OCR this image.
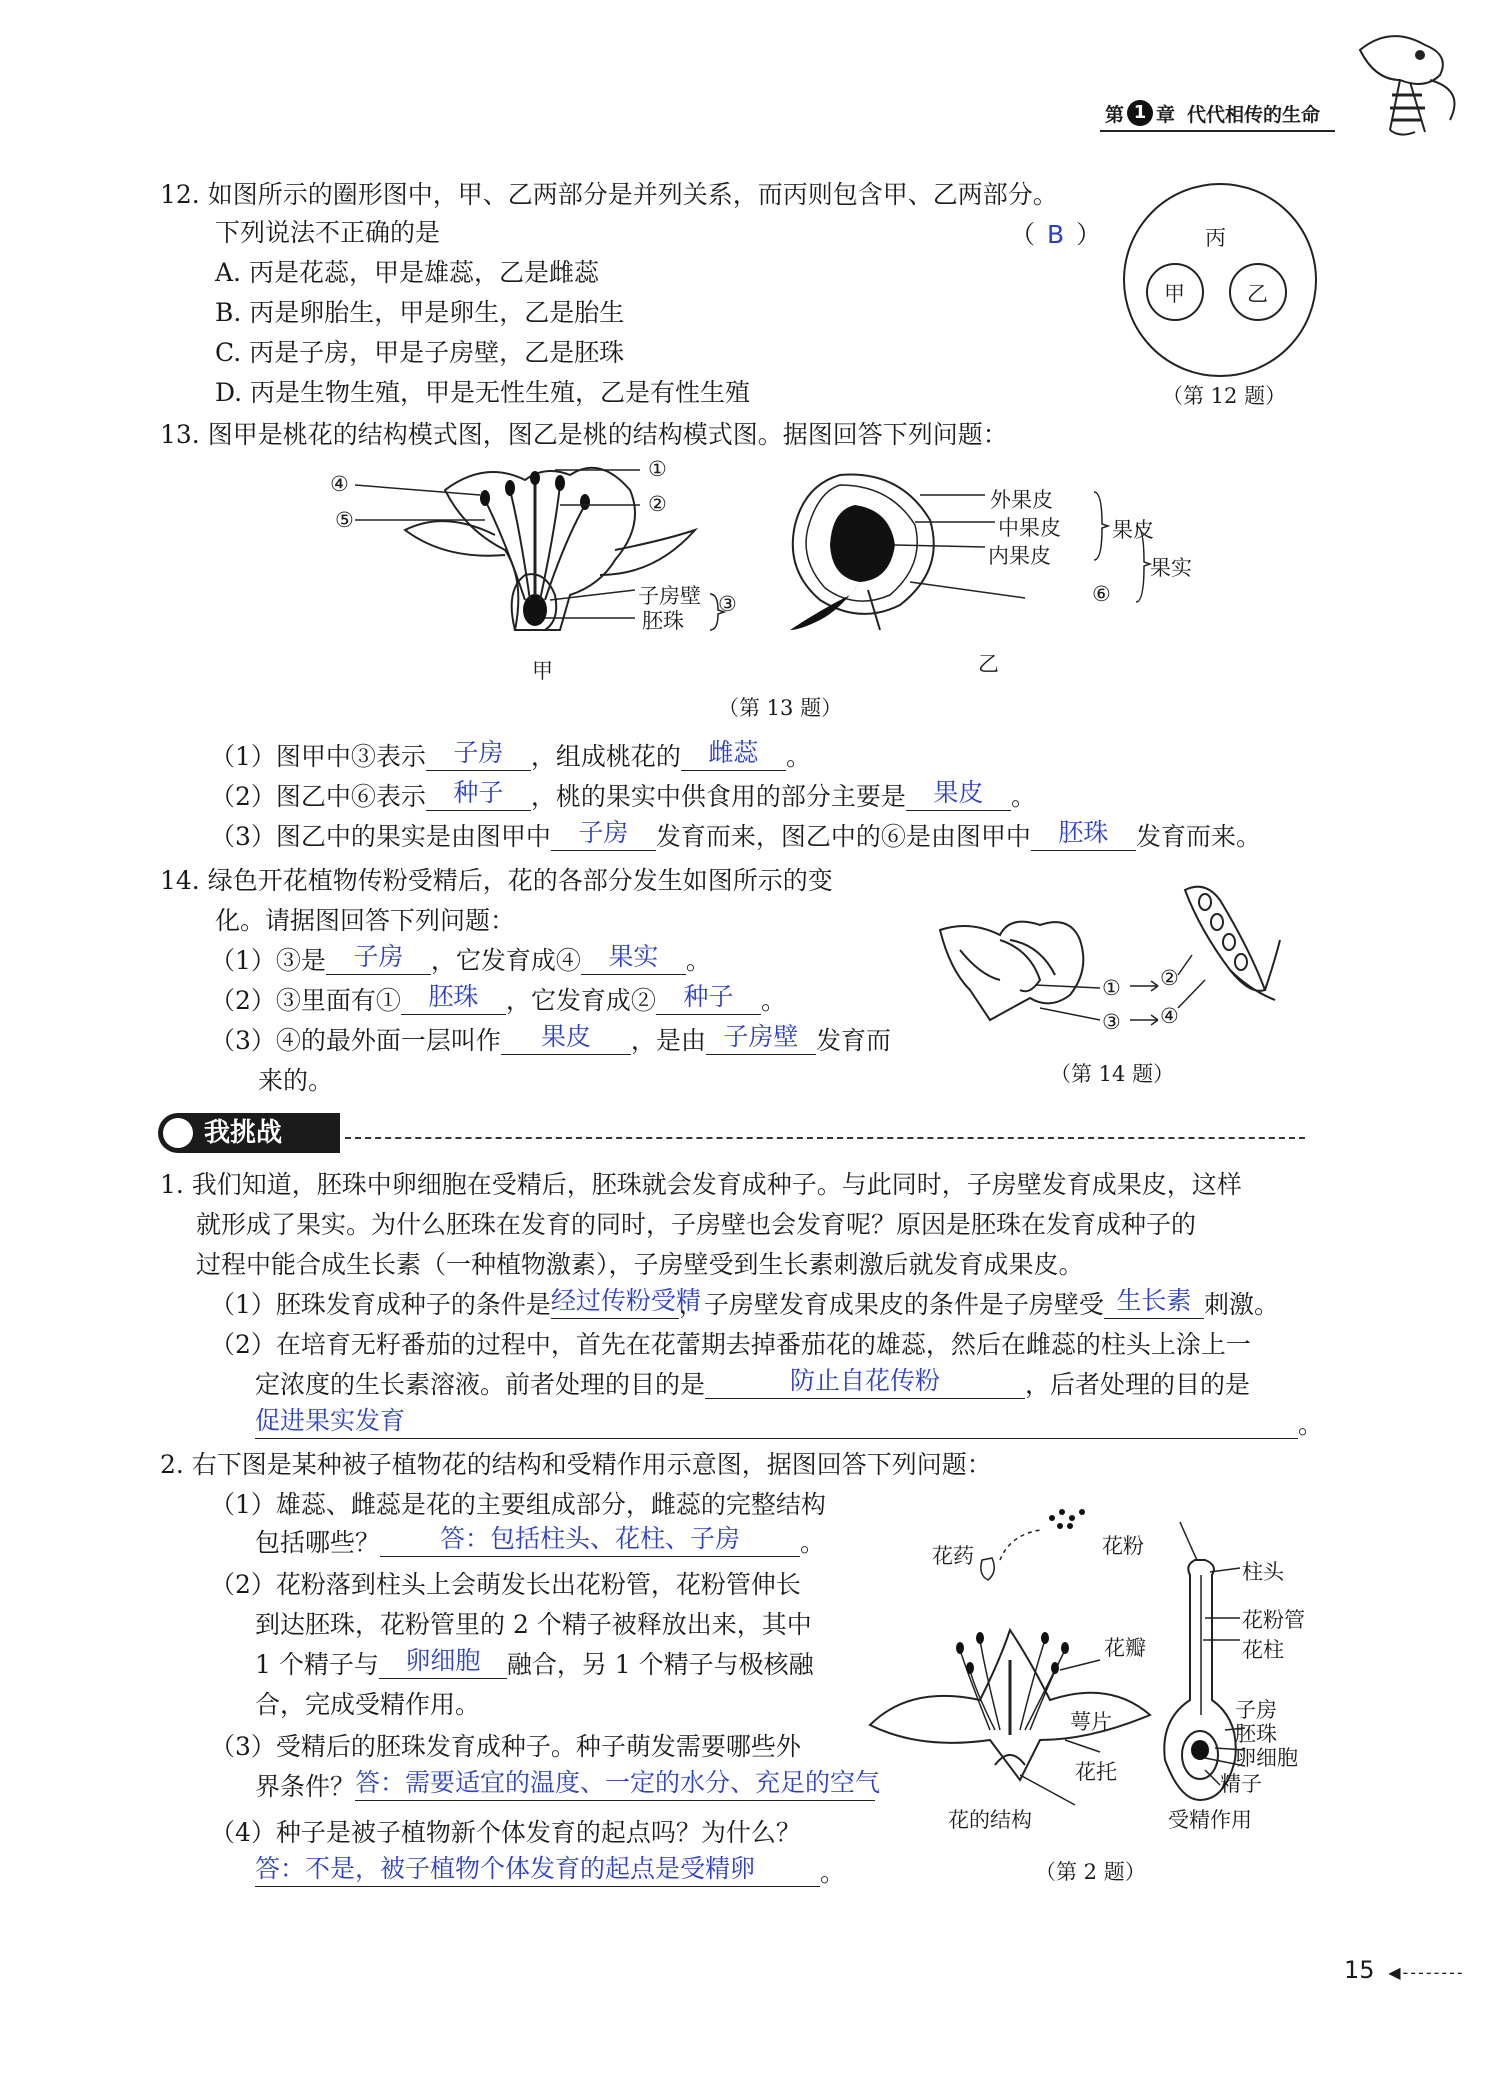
第 1 章 代代相传的生命
12. 如图所示的圈形图中，甲、乙两部分是并列关系，而丙则包含甲、乙两部分。
下列说法不正确的是	（ B ）
A. 丙是花蕊，甲是雄蕊，乙是雌蕊
B. 丙是卵胎生，甲是卵生，乙是胎生
C. 丙是子房，甲是子房壁，乙是胚珠
D. 丙是生物生殖，甲是无性生殖，乙是有性生殖
丙
甲	乙
（第 12 题）
13. 图甲是桃花的结构模式图，图乙是桃的结构模式图。据图回答下列问题：
④
⑤
①
②
子房壁
胚珠
③
甲
外果皮
中果皮
内果皮
果皮
⑥
果实
乙
（第 13 题）
（1）图甲中③表示 子房 ，组成桃花的 雌蕊 。
（2）图乙中⑥表示 种子 ，桃的果实中供食用的部分主要是 果皮 。
（3）图乙中的果实是由图甲中 子房 发育而来，图乙中的⑥是由图甲中 胚珠 发育而来。
14. 绿色开花植物传粉受精后，花的各部分发生如图所示的变
化。请据图回答下列问题：
（1）③是 子房 ，它发育成④ 果实 。
（2）③里面有① 胚珠 ，它发育成② 种子 。
（3）④的最外面一层叫作 果皮 ，是由 子房壁 发育而
来的。
① ②
③ ④
（第 14 题）
我挑战
1. 我们知道，胚珠中卵细胞在受精后，胚珠就会发育成种子。与此同时，子房壁发育成果皮，这样
就形成了果实。为什么胚珠在发育的同时，子房壁也会发育呢？原因是胚珠在发育成种子的
过程中能合成生长素（一种植物激素），子房壁受到生长素刺激后就发育成果皮。
（1）胚珠发育成种子的条件是经过传粉受精，子房壁发育成果皮的条件是子房壁受 生长素 刺激。
（2）在培育无籽番茄的过程中，首先在花蕾期去掉番茄花的雄蕊，然后在雌蕊的柱头上涂上一
定浓度的生长素溶液。前者处理的目的是	防止自花传粉	，后者处理的目的是
促进果实发育	。
2. 右下图是某种被子植物花的结构和受精作用示意图，据图回答下列问题：
（1）雄蕊、雌蕊是花的主要组成部分，雌蕊的完整结构
包括哪些？ 答：包括柱头、花柱、子房 。
（2）花粉落到柱头上会萌发长出花粉管，花粉管伸长
到达胚珠，花粉管里的 2 个精子被释放出来，其中
1 个精子与 卵细胞 融合，另 1 个精子与极核融
合，完成受精作用。
（3）受精后的胚珠发育成种子。种子萌发需要哪些外
界条件？答：需要适宜的温度、一定的水分、充足的空气
（4）种子是被子植物新个体发育的起点吗？为什么？
答：不是，被子植物个体发育的起点是受精卵	。
花药	花粉
柱头
花粉管
花柱
花瓣
萼片
花托
子房
胚珠
卵细胞
精子
花的结构	受精作用
（第 2 题）
15 ◀--------
